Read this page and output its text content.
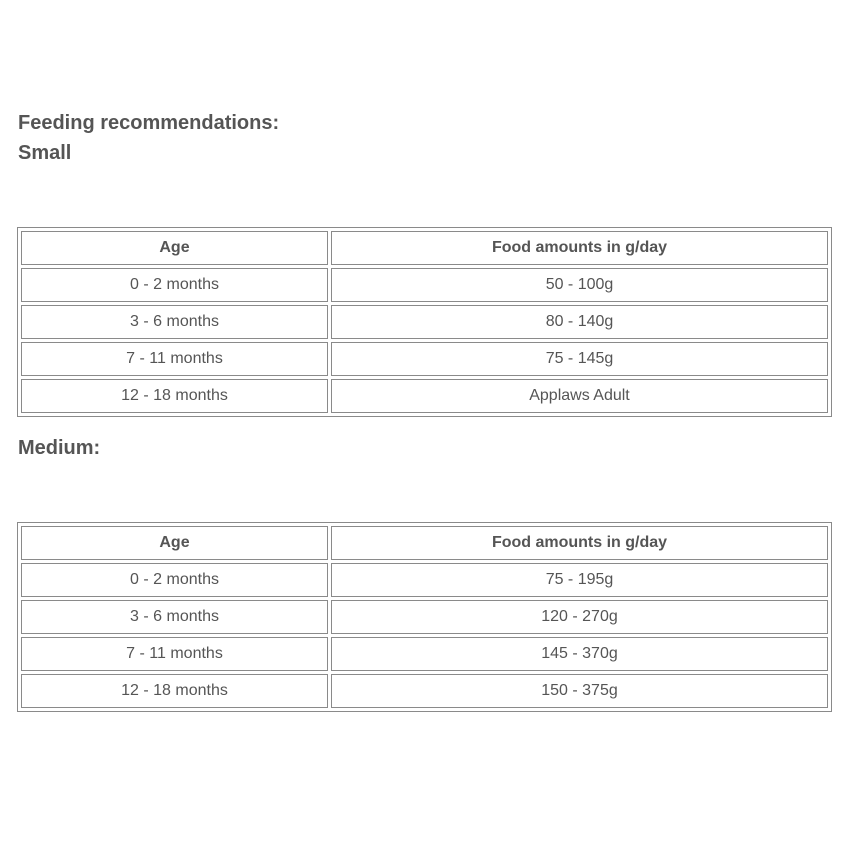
Feeding recommendations:
Small
Age	Food amounts in g/day
0 - 2 months	50 - 100g
3 - 6 months	80 - 140g
7 - 11 months	75 - 145g
12 - 18 months	Applaws Adult
Medium:
Age	Food amounts in g/day
0 - 2 months	75 - 195g
3 - 6 months	120 - 270g
7 - 11 months	145 - 370g
12 - 18 months	150 - 375g
